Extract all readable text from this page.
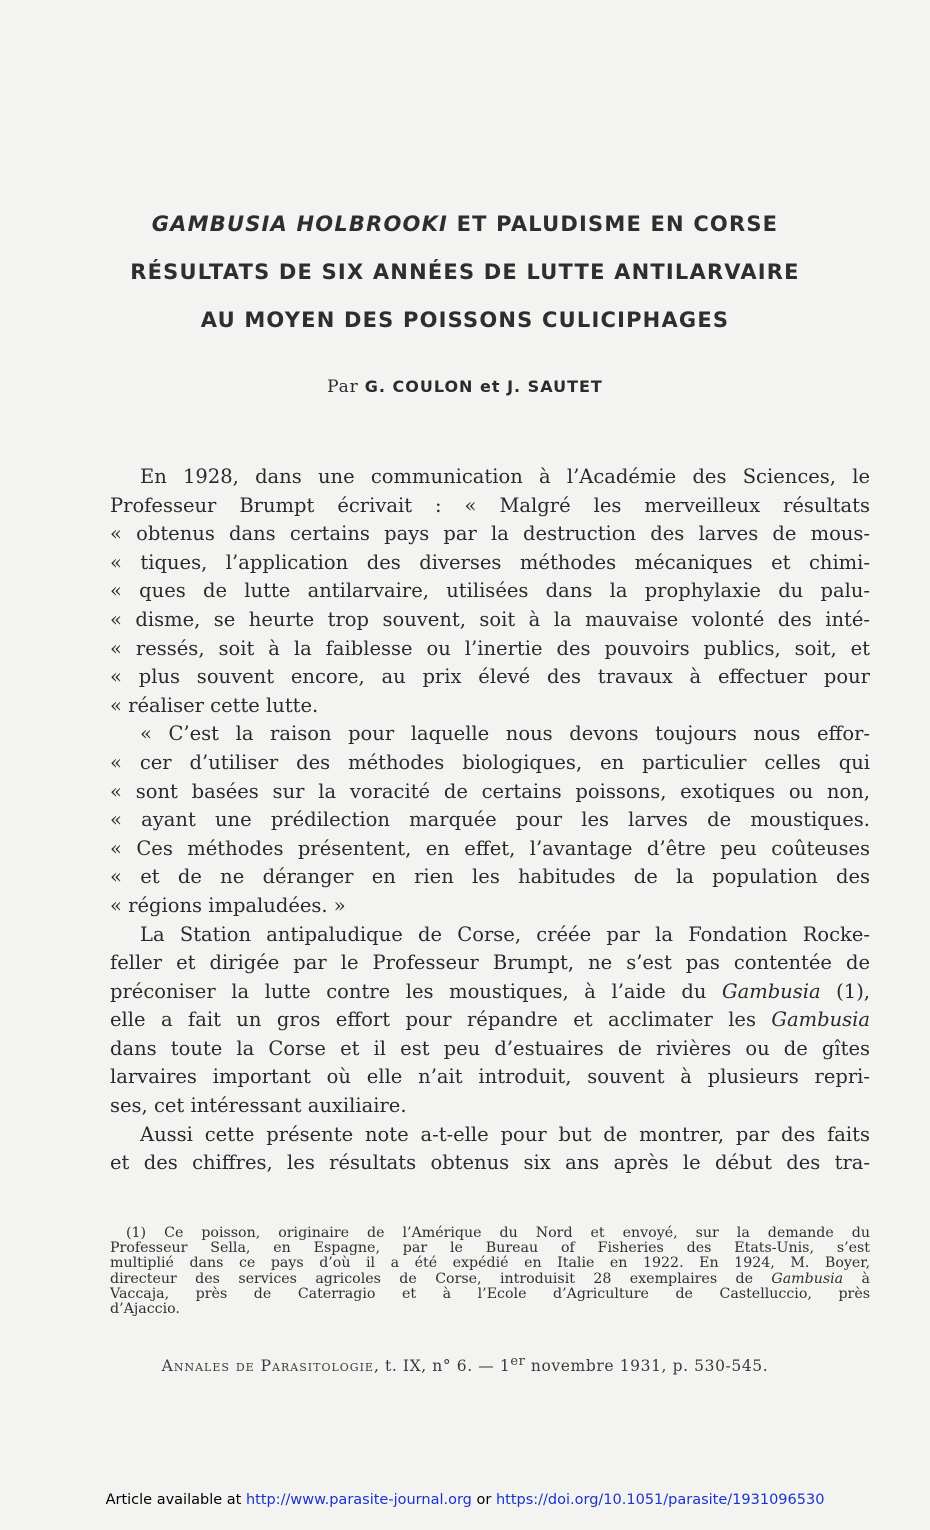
GAMBUSIA HOLBROOKI ET PALUDISME EN CORSE
RÉSULTATS DE SIX ANNÉES DE LUTTE ANTILARVAIRE
AU MOYEN DES POISSONS CULICIPHAGES
Par G. COULON et J. SAUTET

En 1928, dans une communication à l’Académie des Sciences, le

Professeur Brumpt écrivait : « Malgré les merveilleux résultats

« obtenus dans certains pays par la destruction des larves de mous-

« tiques, l’application des diverses méthodes mécaniques et chimi-

« ques de lutte antilarvaire, utilisées dans la prophylaxie du palu-

« disme, se heurte trop souvent, soit à la mauvaise volonté des inté-

« ressés, soit à la faiblesse ou l’inertie des pouvoirs publics, soit, et

« plus souvent encore, au prix élevé des travaux à effectuer pour

« réaliser cette lutte.

« C’est la raison pour laquelle nous devons toujours nous effor-

« cer d’utiliser des méthodes biologiques, en particulier celles qui

« sont basées sur la voracité de certains poissons, exotiques ou non,

« ayant une prédilection marquée pour les larves de moustiques.

« Ces méthodes présentent, en effet, l’avantage d’être peu coûteuses

« et de ne déranger en rien les habitudes de la population des

« régions impaludées. »

La Station antipaludique de Corse, créée par la Fondation Rocke-

feller et dirigée par le Professeur Brumpt, ne s’est pas contentée de

préconiser la lutte contre les moustiques, à l’aide du Gambusia (1),

elle a fait un gros effort pour répandre et acclimater les Gambusia

dans toute la Corse et il est peu d’estuaires de rivières ou de gîtes

larvaires important où elle n’ait introduit, souvent à plusieurs repri-

ses, cet intéressant auxiliaire.

Aussi cette présente note a-t-elle pour but de montrer, par des faits

et des chiffres, les résultats obtenus six ans après le début des tra-

(1) Ce poisson, originaire de l’Amérique du Nord et envoyé, sur la demande du

Professeur Sella, en Espagne, par le Bureau of Fisheries des Etats-Unis, s’est

multiplié dans ce pays d’où il a été expédié en Italie en 1922. En 1924, M. Boyer,

directeur des services agricoles de Corse, introduisit 28 exemplaires de Gambusia à

Vaccaja, près de Caterragio et à l’Ecole d’Agriculture de Castelluccio, près

d’Ajaccio.

Annales de Parasitologie, t. IX, n° 6. — 1er novembre 1931, p. 530-545.
Article available at http://www.parasite-journal.org or https://doi.org/10.1051/parasite/1931096530
